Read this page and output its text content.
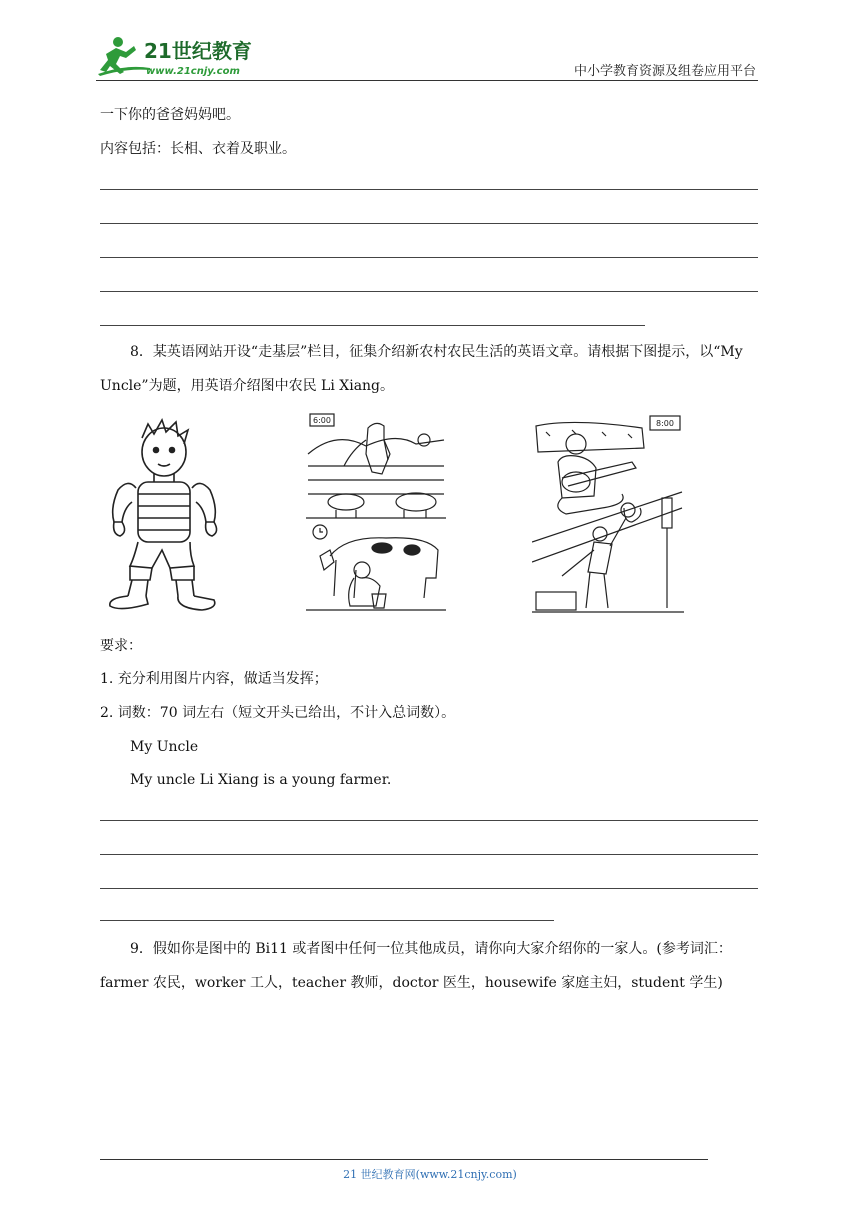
21世纪教育
www.21cnjy.com	中小学教育资源及组卷应用平台
一下你的爸爸妈妈吧。
内容包括：长相、衣着及职业。
8．某英语网站开设“走基层”栏目，征集介绍新农村农民生活的英语文章。请根据下图提示，以“My
Uncle”为题，用英语介绍图中农民 Li Xiang。
6:00	8:00
要求：
1. 充分利用图片内容，做适当发挥；
2. 词数：70 词左右（短文开头已给出，不计入总词数）。
My Uncle
My uncle Li Xiang is a young farmer.
9．假如你是图中的 Bi11 或者图中任何一位其他成员，请你向大家介绍你的一家人。(参考词汇：
farmer 农民，worker 工人，teacher 教师，doctor 医生，housewife 家庭主妇，student 学生)
21 世纪教育网(www.21cnjy.com)
